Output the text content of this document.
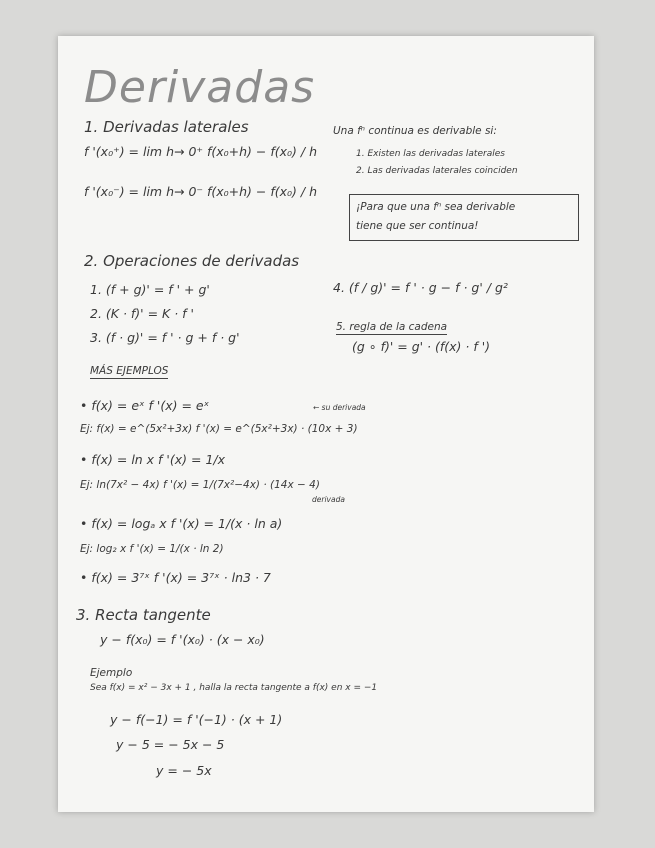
Derivadas
1. Derivadas laterales
f '(x₀⁺) = lim h→ 0⁺ f(x₀+h) − f(x₀) / h
f '(x₀⁻) = lim h→ 0⁻ f(x₀+h) − f(x₀) / h
Una fⁿ continua es derivable si:
1. Existen las derivadas laterales
2. Las derivadas laterales coinciden
¡Para que una fⁿ sea derivable
tiene que ser continua!
2. Operaciones de derivadas
1. (f + g)' = f ' + g'
2. (K · f)' = K · f '
3. (f · g)' = f ' · g + f · g'
4. (f / g)' = f ' · g − f · g' / g²
5. regla de la cadena
(g ∘ f)' = g' · (f(x) · f ')
MÁS EJEMPLOS
• f(x) = eˣ f '(x) = eˣ	← su derivada
Ej: f(x) = e^(5x²+3x) f '(x) = e^(5x²+3x) · (10x + 3)
• f(x) = ln x f '(x) = 1/x
Ej: ln(7x² − 4x) f '(x) = 1/(7x²−4x) · (14x − 4)
derivada
• f(x) = logₐ x f '(x) = 1/(x · ln a)
Ej: log₂ x f '(x) = 1/(x · ln 2)
• f(x) = 3⁷ˣ f '(x) = 3⁷ˣ · ln3 · 7
3. Recta tangente
y − f(x₀) = f '(x₀) · (x − x₀)
Ejemplo
Sea f(x) = x² − 3x + 1 , halla la recta tangente a f(x) en x = −1
y − f(−1) = f '(−1) · (x + 1)
y − 5 = − 5x − 5
y = − 5x
